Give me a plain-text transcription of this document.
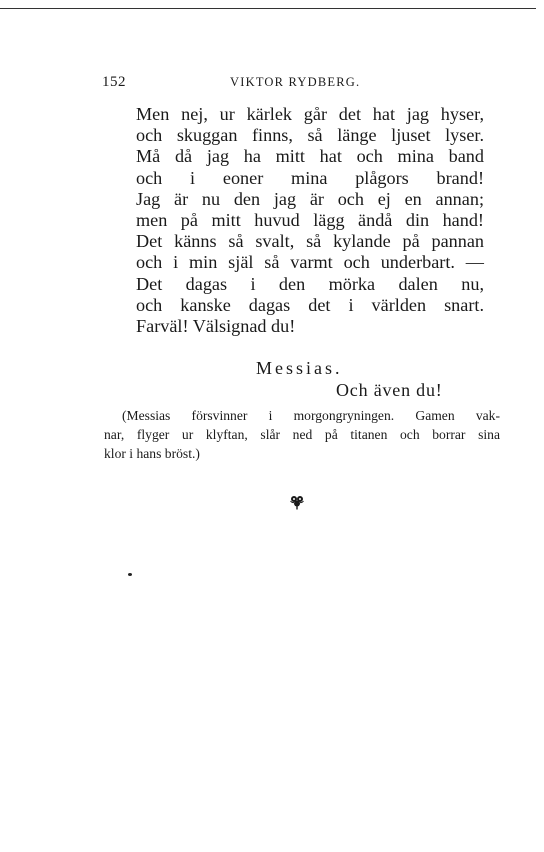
152	VIKTOR RYDBERG.
Men nej, ur kärlek går det hat jag hyser,
och skuggan finns, så länge ljuset lyser.
Må då jag ha mitt hat och mina band
och i eoner mina plågors brand!
Jag är nu den jag är och ej en annan;
men på mitt huvud lägg ändå din hand!
Det känns så svalt, så kylande på pannan
och i min själ så varmt och underbart. —
Det dagas i den mörka dalen nu,
och kanske dagas det i världen snart.
Farväl! Välsignad du!
Messias.
Och även du!
(Messias försvinner i morgongryningen. Gamen vak-
nar, flyger ur klyftan, slår ned på titanen och borrar sina
klor i hans bröst.)
